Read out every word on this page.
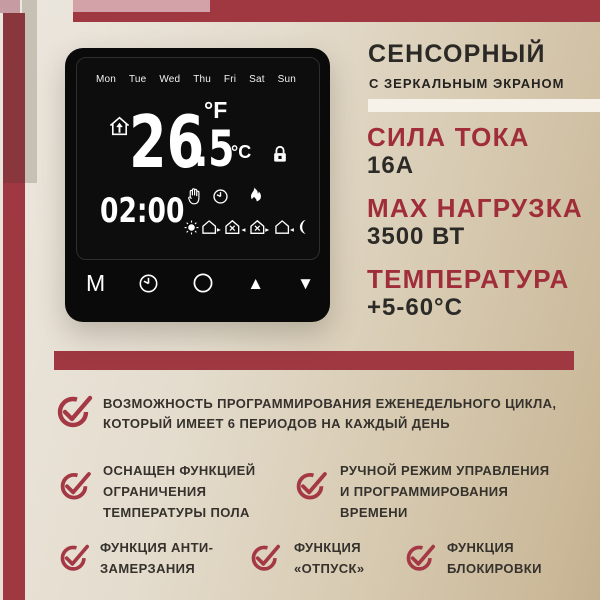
Mon Tue Wed Thu Fri Sat Sun
26
.5
°F
°C
02:00
M	▲ ▼
СЕНСОРНЫЙ
С ЗЕРКАЛЬНЫМ ЭКРАНОМ
СИЛА ТОКА
16А
MAX НАГРУЗКА
3500 ВТ
ТЕМПЕРАТУРА
+5-60°С
ВОЗМОЖНОСТЬ ПРОГРАММИРОВАНИЯ ЕЖЕНЕДЕЛЬНОГО ЦИКЛА,
КОТОРЫЙ ИМЕЕТ 6 ПЕРИОДОВ НА КАЖДЫЙ ДЕНЬ
ОСНАЩЕН ФУНКЦИЕЙ
ОГРАНИЧЕНИЯ
ТЕМПЕРАТУРЫ ПОЛА
РУЧНОЙ РЕЖИМ УПРАВЛЕНИЯ
И ПРОГРАММИРОВАНИЯ
ВРЕМЕНИ
ФУНКЦИЯ АНТИ-
ЗАМЕРЗАНИЯ
ФУНКЦИЯ
«ОТПУСК»
ФУНКЦИЯ
БЛОКИРОВКИ
